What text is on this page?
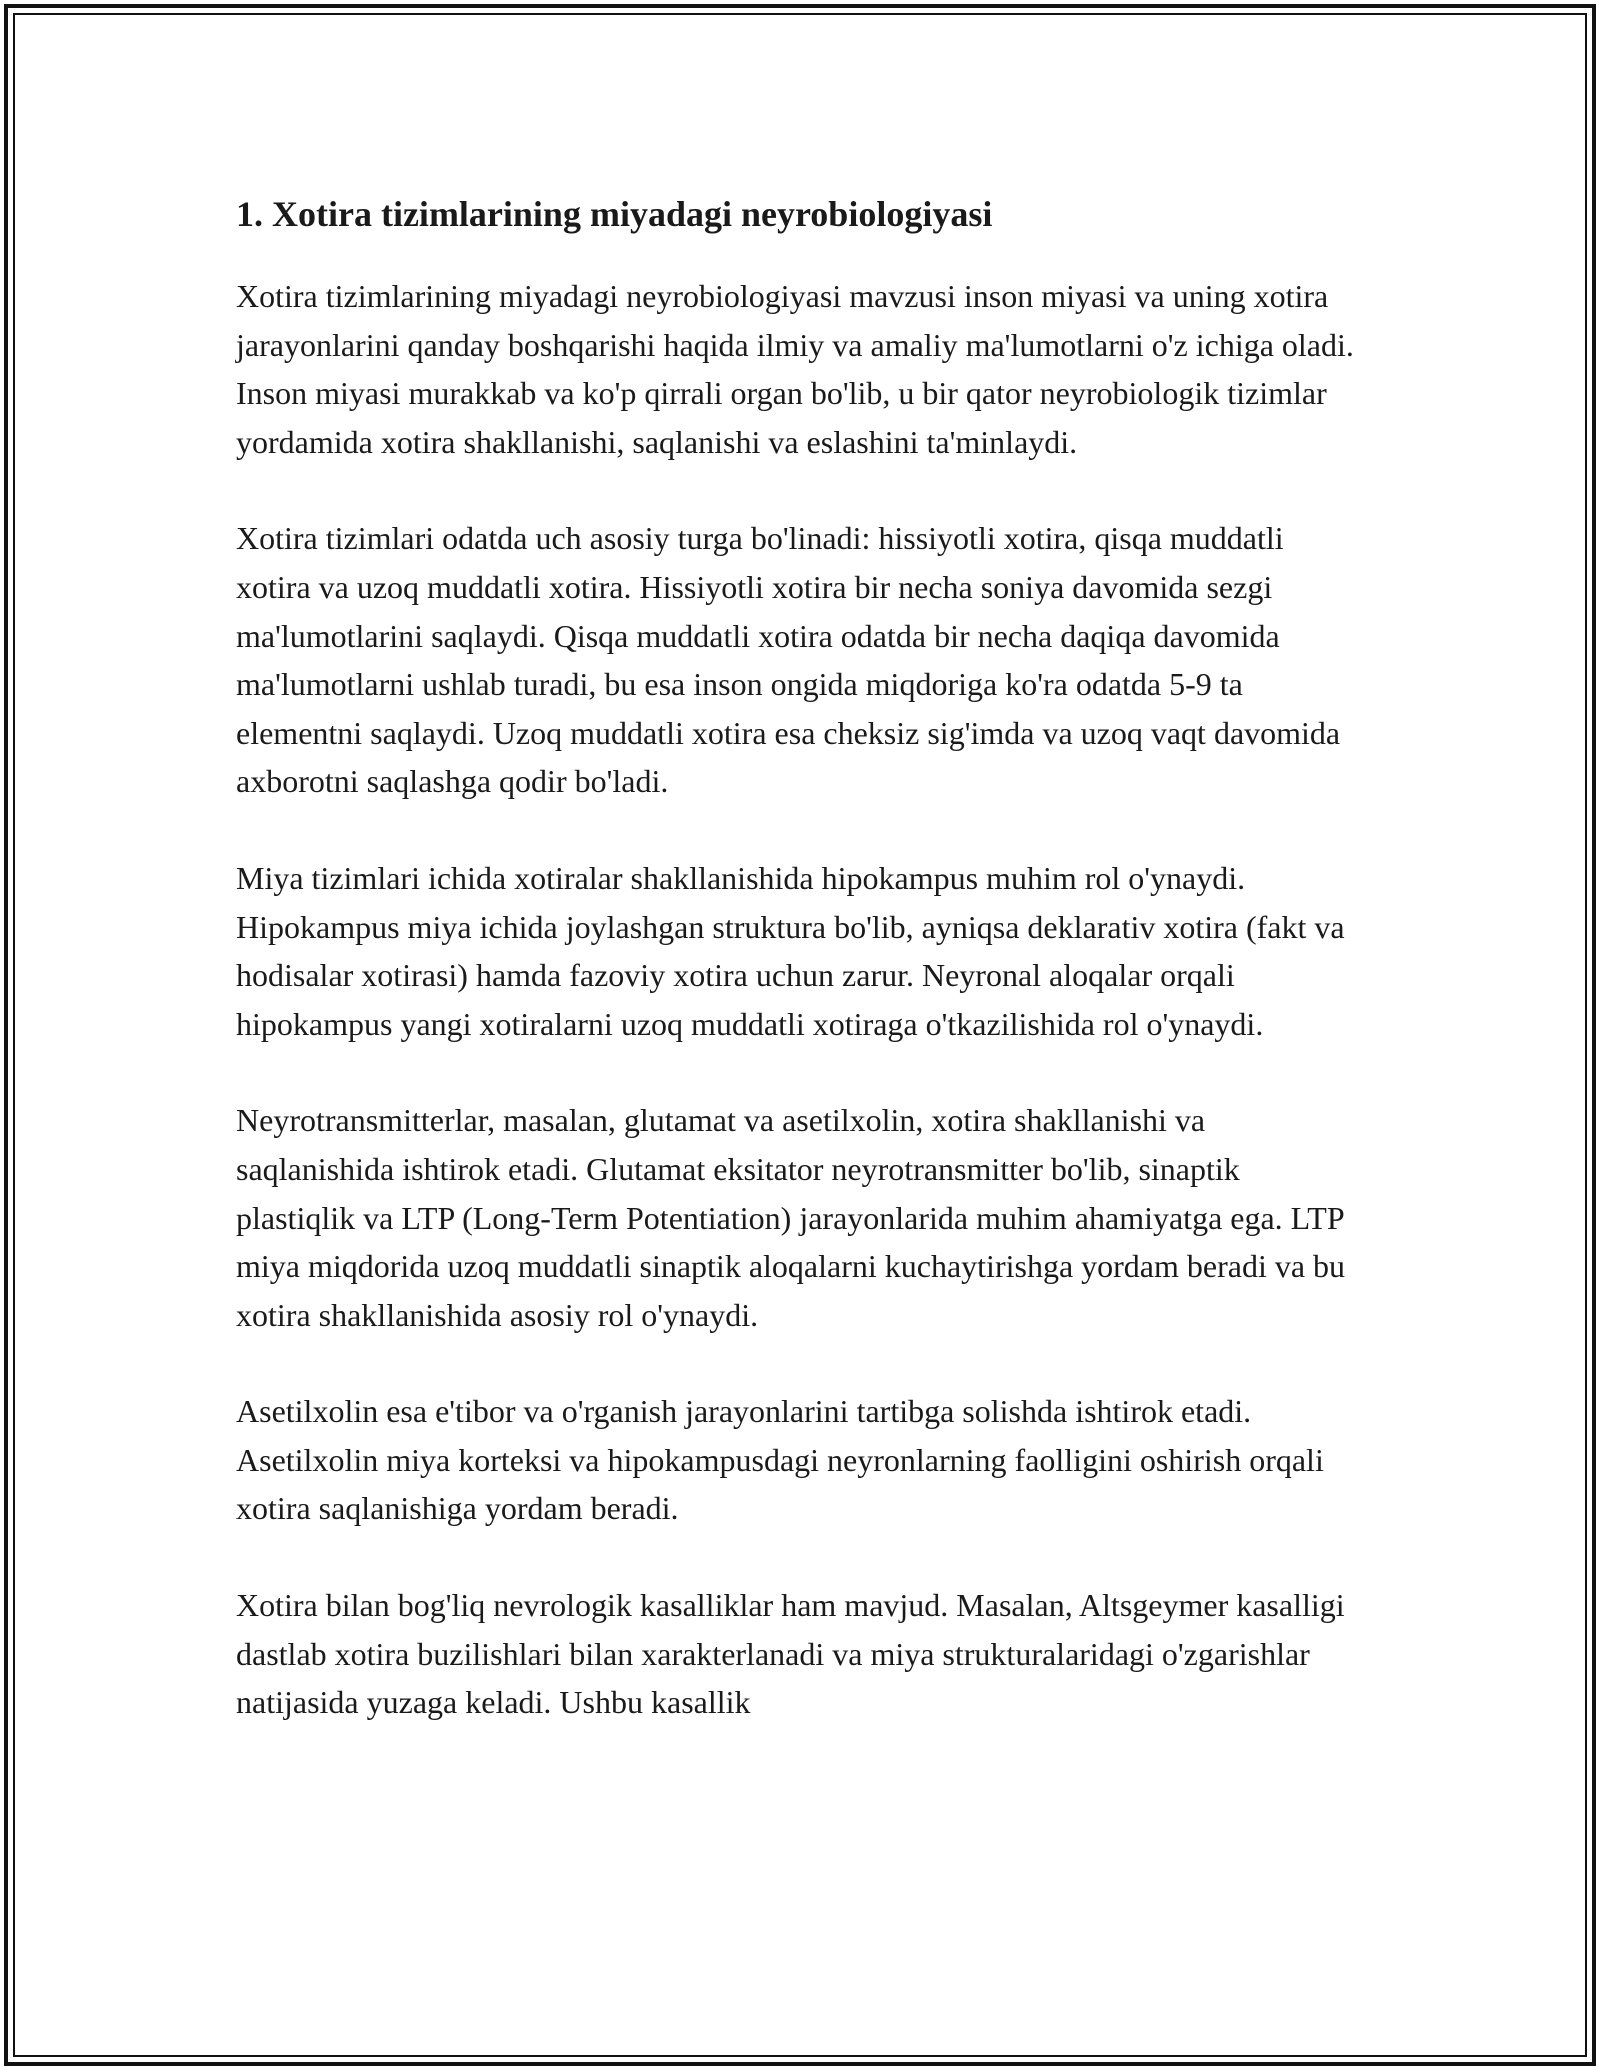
1. Xotira tizimlarining miyadagi neyrobiologiyasi

Xotira tizimlarining miyadagi neyrobiologiyasi mavzusi inson miyasi va uning xotira jarayonlarini qanday boshqarishi haqida ilmiy va amaliy ma'lumotlarni o'z ichiga oladi. Inson miyasi murakkab va ko'p qirrali organ bo'lib, u bir qator neyrobiologik tizimlar yordamida xotira shakllanishi, saqlanishi va eslashini ta'minlaydi.

Xotira tizimlari odatda uch asosiy turga bo'linadi: hissiyotli xotira, qisqa muddatli xotira va uzoq muddatli xotira. Hissiyotli xotira bir necha soniya davomida sezgi ma'lumotlarini saqlaydi. Qisqa muddatli xotira odatda bir necha daqiqa davomida ma'lumotlarni ushlab turadi, bu esa inson ongida miqdoriga ko'ra odatda 5-9 ta elementni saqlaydi. Uzoq muddatli xotira esa cheksiz sig'imda va uzoq vaqt davomida axborotni saqlashga qodir bo'ladi.

Miya tizimlari ichida xotiralar shakllanishida hipokampus muhim rol o'ynaydi. Hipokampus miya ichida joylashgan struktura bo'lib, ayniqsa deklarativ xotira (fakt va hodisalar xotirasi) hamda fazoviy xotira uchun zarur. Neyronal aloqalar orqali hipokampus yangi xotiralarni uzoq muddatli xotiraga o'tkazilishida rol o'ynaydi.

Neyrotransmitterlar, masalan, glutamat va asetilxolin, xotira shakllanishi va saqlanishida ishtirok etadi. Glutamat eksitator neyrotransmitter bo'lib, sinaptik plastiqlik va LTP (Long-Term Potentiation) jarayonlarida muhim ahamiyatga ega. LTP miya miqdorida uzoq muddatli sinaptik aloqalarni kuchaytirishga yordam beradi va bu xotira shakllanishida asosiy rol o'ynaydi.

Asetilxolin esa e'tibor va o'rganish jarayonlarini tartibga solishda ishtirok etadi. Asetilxolin miya korteksi va hipokampusdagi neyronlarning faolligini oshirish orqali xotira saqlanishiga yordam beradi.

Xotira bilan bog'liq nevrologik kasalliklar ham mavjud. Masalan, Altsgeymer kasalligi dastlab xotira buzilishlari bilan xarakterlanadi va miya strukturalaridagi o'zgarishlar natijasida yuzaga keladi. Ushbu kasallik
